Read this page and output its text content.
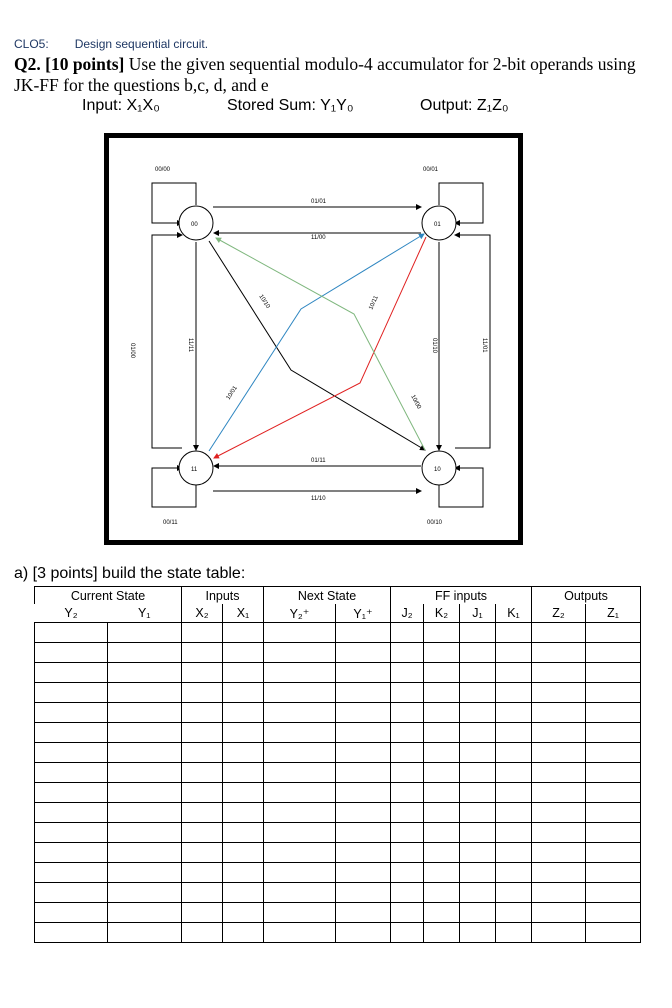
CLO5: Design sequential circuit.
Q2. [10 points] Use the given sequential modulo-4 accumulator for 2-bit operands using JK-FF for the questions b,c, d, and e
Input: X₁X₀	Stored Sum: Y₁Y₀	Output: Z₁Z₀
00	01
10
11
00/00	00/01
00/10
00/11
01/01
11/00
01/11
11/10
01/00	11/11	01/10	11/01
10/10
10/01
10/11
10/00
a) [3 points] build the state table:
Current State		Inputs		Next State		FF inputs				Outputs	
Y₂	Y₁	X₂	X₁	Y₂⁺	Y₁⁺	J₂	K₂	J₁	K₁	Z₂	Z₁
